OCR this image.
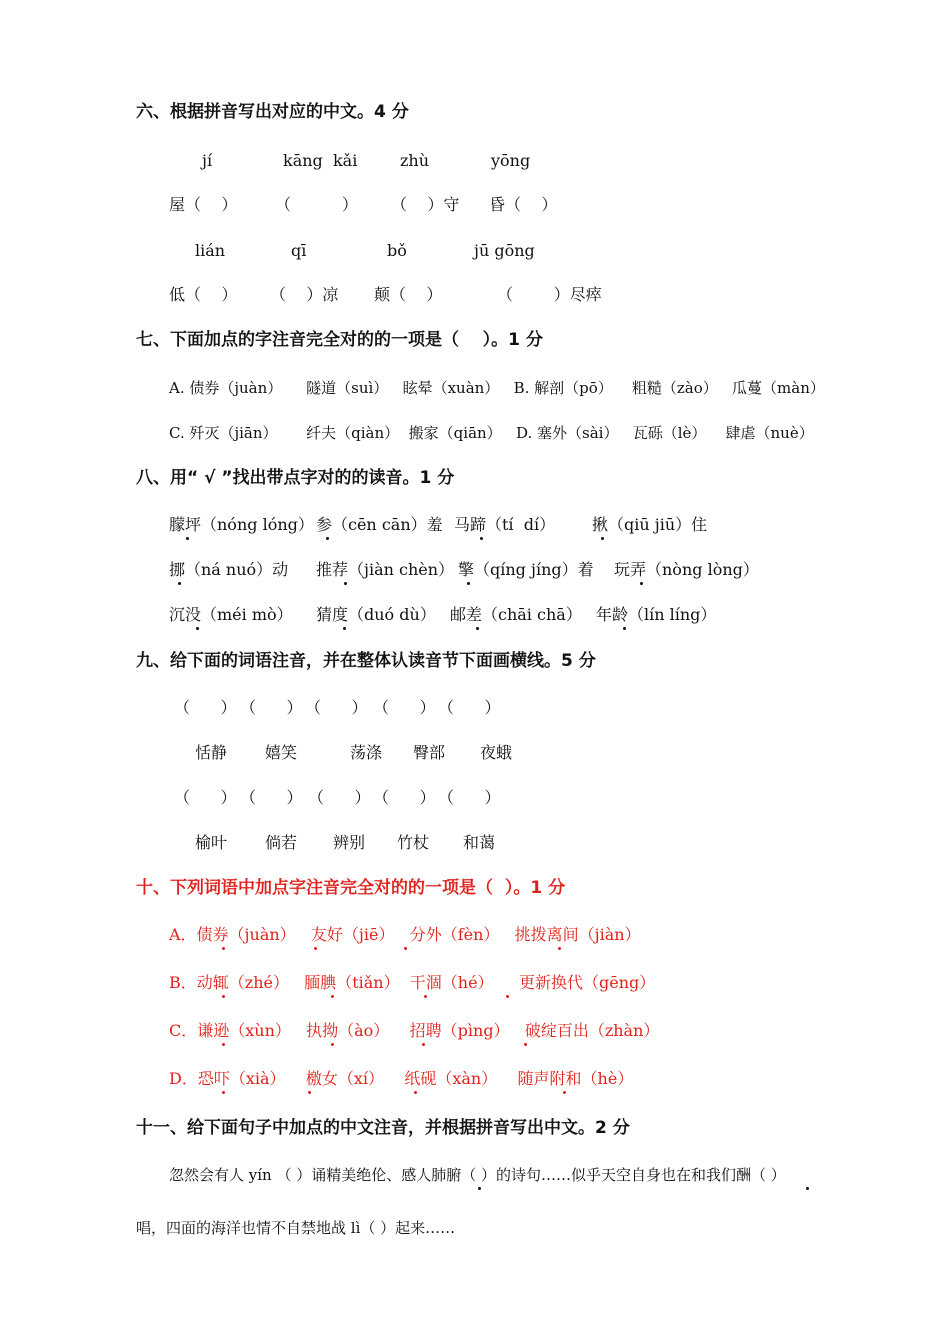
六、根据拼音写出对应的中文。4 分
jí	kāng  kǎi	zhù	yōng
屋（    ） （          ） （    ）守 昏（    ）
lián	qī	bǒ	jū gōng
低（    ） （    ）凉 颠（    ）	（        ）尽瘁
七、下面加点的字注音完全对的的一项是（    ）。1 分
A. 债券（juàn）     隧道（suì）   眩晕（xuàn）   B. 解剖（pō）    粗糙（zào）   瓜蔓（màn）
C. 歼灭（jiān）      纤夫（qiàn）  搬家（qiān）   D. 塞外（sài）   瓦砾（lè）    肆虐（nuè）
八、用“ √ ”找出带点字对的的读音。1 分
朦坪（nóng lóng） 参（cēn cān）羞 马蹄（tí  dí） 揪（qiū jiū）住
挪（ná nuó）动 推荐（jiàn chèn） 擎（qíng jíng）着 玩弄（nòng lòng）
沉没（méi mò） 猜度（duó dù） 邮差（chāi chā） 年龄（lín líng）
九、给下面的词语注音，并在整体认读音节下面画横线。5 分
（      ） （      ） （      ） （      ） （      ）
恬静 嬉笑	荡涤 臀部 夜蛾
（      ） （      ） （      ） （      ） （      ）
榆叶 倘若 辨别 竹杖 和蔼
十、下列词语中加点字注音完全对的的一项是（  ）。1 分
A．债券（juàn）   友好（jiē）   分外（fèn）   挑拨离间（jiàn）
B．动辄（zhé）   腼腆（tiǎn）  干涸（hé）     更新换代（gēng）
C．谦逊（xùn）   执拗（ào）    招聘（pìng）   破绽百出（zhàn）
D．恐吓（xià）    檄女（xí）    纸砚（xàn）    随声附和（hè）
十一、给下面句子中加点的中文注音，并根据拼音写出中文。2 分
忽然会有人 yín （ ）诵精美绝伦、感人肺腑（ ）的诗句……似乎天空自身也在和我们酬（ ）
唱，四面的海洋也情不自禁地战 lì（ ）起来……
